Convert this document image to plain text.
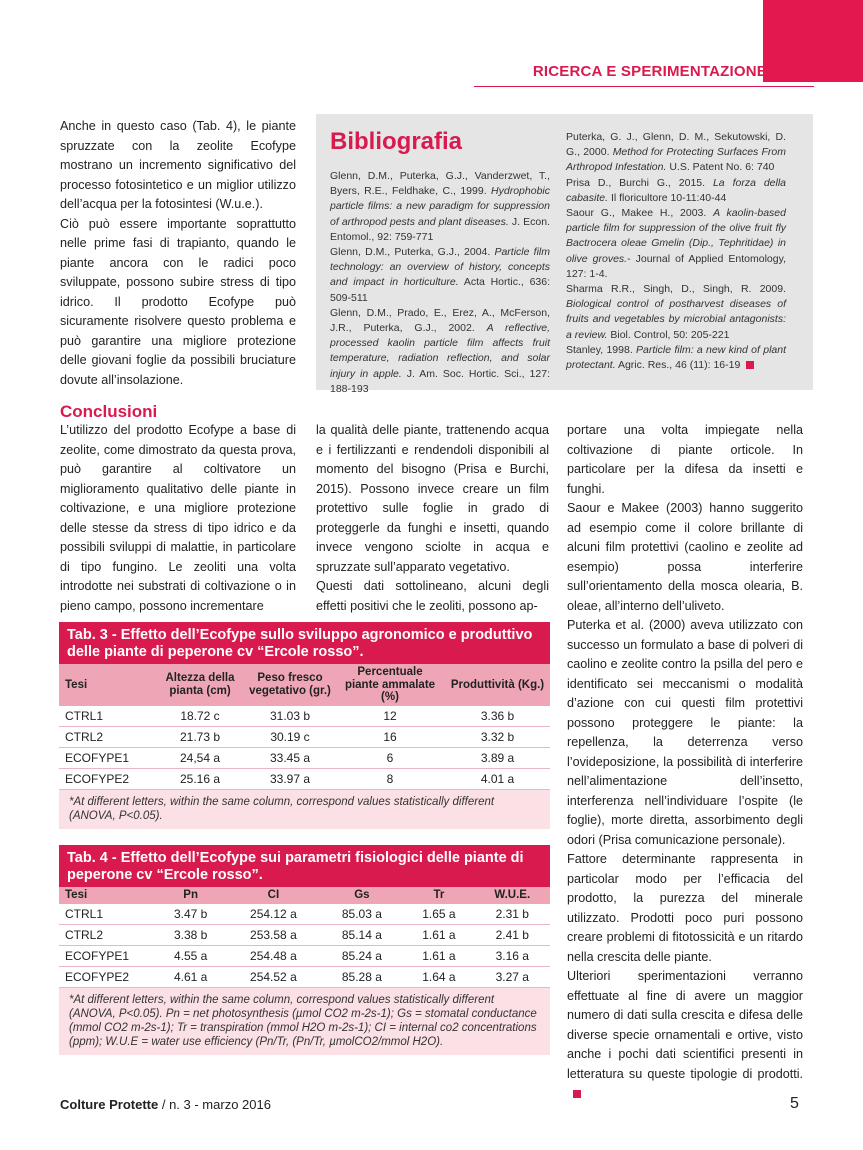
RICERCA E SPERIMENTAZIONE

Anche in questo caso (Tab. 4), le piante spruzzate con la zeolite Ecofype mostrano un incremento significativo del processo fotosintetico e un miglior utilizzo dell’acqua per la fotosintesi (W.u.e.).

Ciò può essere importante soprattutto nelle prime fasi di trapianto, quando le piante ancora con le radici poco sviluppate, possono subire stress di tipo idrico. Il prodotto Ecofype può sicuramente risolvere questo problema e può garantire una migliore protezione delle giovani foglie da possibili bruciature dovute all’insolazione.

Bibliografia

Glenn, D.M., Puterka, G.J., Vanderzwet, T., Byers, R.E., Feldhake, C., 1999. Hydrophobic particle films: a new paradigm for suppression of arthropod pests and plant diseases. J. Econ. Entomol., 92: 759-771

Glenn, D.M., Puterka, G.J., 2004. Particle film technology: an overview of history, concepts and impact in horticulture. Acta Hortic., 636: 509-511

Glenn, D.M., Prado, E., Erez, A., McFerson, J.R., Puterka, G.J., 2002. A reflective, processed kaolin particle film affects fruit temperature, radiation reflection, and solar injury in apple. J. Am. Soc. Hortic. Sci., 127: 188-193

Puterka, G. J., Glenn, D. M., Sekutowski, D. G., 2000. Method for Protecting Surfaces From Arthropod Infestation. U.S. Patent No. 6: 740

Prisa D., Burchi G., 2015. La forza della cabasite. Il floricultore 10-11:40-44

Saour G., Makee H., 2003. A kaolin-based particle film for suppression of the olive fruit fly Bactrocera oleae Gmelin (Dip., Tephritidae) in olive groves.- Journal of Applied Entomology, 127: 1-4.

Sharma R.R., Singh, D., Singh, R. 2009. Biological control of postharvest diseases of fruits and vegetables by microbial antagonists: a review. Biol. Control, 50: 205-221

Stanley, 1998. Particle film: a new kind of plant protectant. Agric. Res., 46 (11): 16-19

Conclusioni

L’utilizzo del prodotto Ecofype a base di zeolite, come dimostrato da questa prova, può garantire al coltivatore un miglioramento qualitativo delle piante in coltivazione, e una migliore protezione delle stesse da stress di tipo idrico e da possibili sviluppi di malattie, in particolare di tipo fungino. Le zeoliti una volta introdotte nei substrati di coltivazione o in pieno campo, possono incrementare

la qualità delle piante, trattenendo acqua e i fertilizzanti e rendendoli disponibili al momento del bisogno (Prisa e Burchi, 2015). Possono invece creare un film protettivo sulle foglie in grado di proteggerle da funghi e insetti, quando invece vengono sciolte in acqua e spruzzate sull’apparato vegetativo.

Questi dati sottolineano, alcuni degli effetti positivi che le zeoliti, possono ap-

portare una volta impiegate nella coltivazione di piante orticole. In particolare per la difesa da insetti e funghi.

Saour e Makee (2003) hanno suggerito ad esempio come il colore brillante di alcuni film protettivi (caolino e zeolite ad esempio) possa interferire sull’orientamento della mosca olearia, B. oleae, all’interno dell’uliveto.

Puterka et al. (2000) aveva utilizzato con successo un formulato a base di polveri di caolino e zeolite contro la psilla del pero e identificato sei meccanismi o modalità d’azione con cui questi film protettivi possono proteggere le piante: la repellenza, la deterrenza verso l’ovideposizione, la possibilità di interferire nell’alimentazione dell’insetto, interferenza nell’individuare l’ospite (le foglie), morte diretta, assorbimento degli odori (Prisa comunicazione personale).

Fattore determinante rappresenta in particolar modo per l’efficacia del prodotto, la purezza del minerale utilizzato. Prodotti poco puri possono creare problemi di fitotossicità e un ritardo nella crescita delle piante.

Ulteriori sperimentazioni verranno effettuate al fine di avere un maggior numero di dati sulla crescita e difesa delle diverse specie ornamentali e ortive, visto anche i pochi dati scientifici presenti in letteratura su queste tipologie di prodotti.

Tab. 3 - Effetto dell’Ecofype sullo sviluppo agronomico e produttivo delle piante di peperone cv “Ercole rosso”.
Tesi	Altezza della pianta (cm)	Peso fresco vegetativo (gr.)	Percentuale piante ammalate (%)	Produttività (Kg.)
CTRL1	18.72 c	31.03 b	12	3.36 b
CTRL2	21.73 b	30.19 c	16	3.32 b
ECOFYPE1	24,54 a	33.45 a	6	3.89 a
ECOFYPE2	25.16 a	33.97 a	8	4.01 a
*At different letters, within the same column, correspond values statistically different (ANOVA, P<0.05).
Tab. 4 - Effetto dell’Ecofype sui parametri fisiologici delle piante di peperone cv “Ercole rosso”.
Tesi	Pn	CI	Gs	Tr	W.U.E.
CTRL1	3.47 b	254.12 a	85.03 a	1.65 a	2.31 b
CTRL2	3.38 b	253.58 a	85.14 a	1.61 a	2.41 b
ECOFYPE1	4.55 a	254.48 a	85.24 a	1.61 a	3.16 a
ECOFYPE2	4.61 a	254.52 a	85.28 a	1.64 a	3.27 a
*At different letters, within the same column, correspond values statistically different (ANOVA, P<0.05). Pn = net photosynthesis (µmol CO2 m-2s-1); Gs = stomatal conductance (mmol CO2 m-2s-1); Tr = transpiration (mmol H2O m-2s-1); CI = internal co2 concentrations (ppm); W.U.E = water use efficiency (Pn/Tr, (Pn/Tr, µmolCO2/mmol H2O).
Colture Protette / n. 3 - marzo 2016	5
